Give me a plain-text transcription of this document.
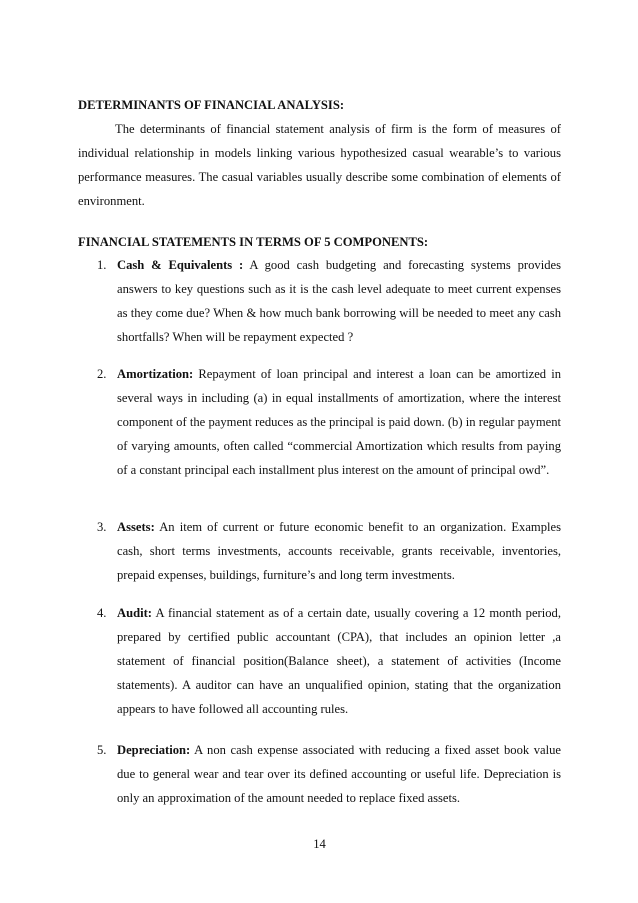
DETERMINANTS OF FINANCIAL ANALYSIS:

The determinants of financial statement analysis of firm is the form of measures of individual relationship in models linking various hypothesized casual wearable’s to various performance measures. The casual variables usually describe some combination of elements of environment.

FINANCIAL STATEMENTS IN TERMS OF 5 COMPONENTS:
1. Cash & Equivalents : A good cash budgeting and forecasting systems provides answers to key questions such as it is the cash level adequate to meet current expenses as they come due? When & how much bank borrowing will be needed to meet any cash shortfalls? When will be repayment expected ?

2. Amortization: Repayment of loan principal and interest a loan can be amortized in several ways in including (a) in equal installments of amortization, where the interest component of the payment reduces as the principal is paid down. (b) in regular payment of varying amounts, often called “commercial Amortization which results from paying of a constant principal each installment plus interest on the amount of principal owd”.

3. Assets: An item of current or future economic benefit to an organization. Examples cash, short terms investments, accounts receivable, grants receivable, inventories, prepaid expenses, buildings, furniture’s and long term investments.

4. Audit: A financial statement as of a certain date, usually covering a 12 month period, prepared by certified public accountant (CPA), that includes an opinion letter ,a statement of financial position(Balance sheet), a statement of activities (Income statements). A auditor can have an unqualified opinion, stating that the organization appears to have followed all accounting rules.

5. Depreciation: A non cash expense associated with reducing a fixed asset book value due to general wear and tear over its defined accounting or useful life. Depreciation is only an approximation of the amount needed to replace fixed assets.

14
